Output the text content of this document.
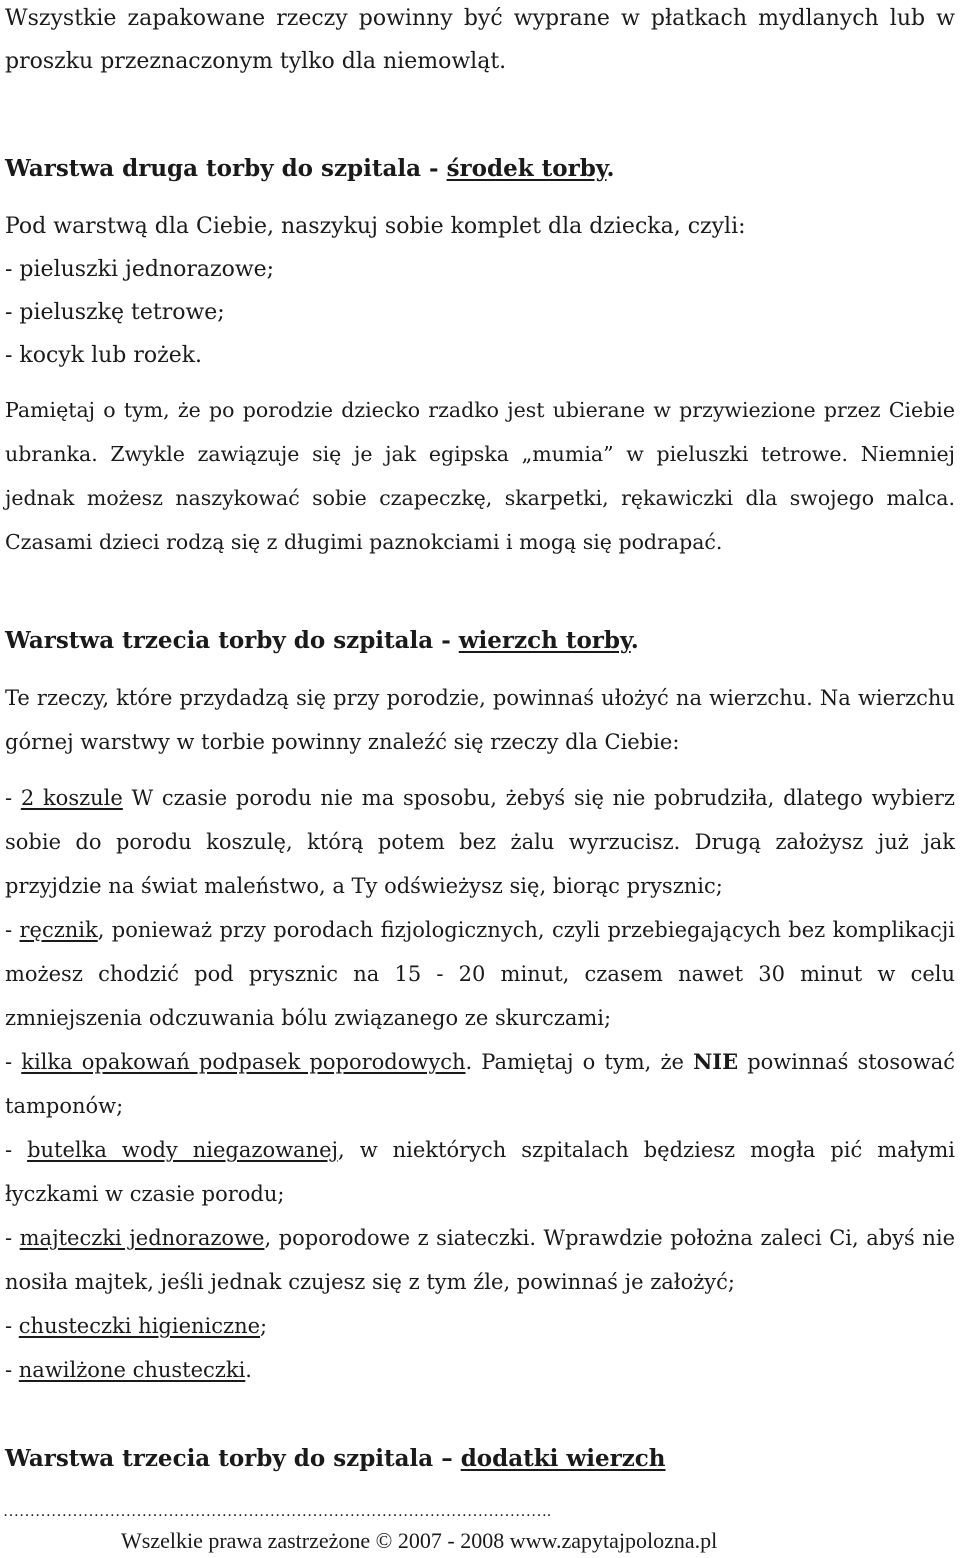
Wszystkie zapakowane rzeczy powinny być wyprane w płatkach mydlanych lub w proszku przeznaczonym tylko dla niemowląt.

Warstwa druga torby do szpitala - środek torby.

Pod warstwą dla Ciebie, naszykuj sobie komplet dla dziecka, czyli:

- pieluszki jednorazowe;

- pieluszkę tetrowe;

- kocyk lub rożek.

Pamiętaj o tym, że po porodzie dziecko rzadko jest ubierane w przywiezione przez Ciebie ubranka. Zwykle zawiązuje się je jak egipska „mumia” w pieluszki tetrowe. Niemniej jednak możesz naszykować sobie czapeczkę, skarpetki, rękawiczki dla swojego malca. Czasami dzieci rodzą się z długimi paznokciami i mogą się podrapać.

Warstwa trzecia torby do szpitala - wierzch torby.

Te rzeczy, które przydadzą się przy porodzie, powinnaś ułożyć na wierzchu. Na wierzchu górnej warstwy w torbie powinny znaleźć się rzeczy dla Ciebie:

- 2 koszule W czasie porodu nie ma sposobu, żebyś się nie pobrudziła, dlatego wybierz sobie do porodu koszulę, którą potem bez żalu wyrzucisz. Drugą założysz już jak przyjdzie na świat maleństwo, a Ty odświeżysz się, biorąc prysznic;

- ręcznik, ponieważ przy porodach fizjologicznych, czyli przebiegających bez komplikacji możesz chodzić pod prysznic na 15 - 20 minut, czasem nawet 30 minut w celu zmniejszenia odczuwania bólu związanego ze skurczami;

- kilka opakowań podpasek poporodowych. Pamiętaj o tym, że NIE powinnaś stosować tamponów;

- butelka wody niegazowanej, w niektórych szpitalach będziesz mogła pić małymi łyczkami w czasie porodu;

- majteczki jednorazowe, poporodowe z siateczki. Wprawdzie położna zaleci Ci, abyś nie nosiła majtek, jeśli jednak czujesz się z tym źle, powinnaś je założyć;

- chusteczki higieniczne;

- nawilżone chusteczki.

Warstwa trzecia torby do szpitala – dodatki wierzch
………………………………………………………………………………………….
Wszelkie prawa zastrzeżone © 2007 - 2008 www.zapytajpolozna.pl
